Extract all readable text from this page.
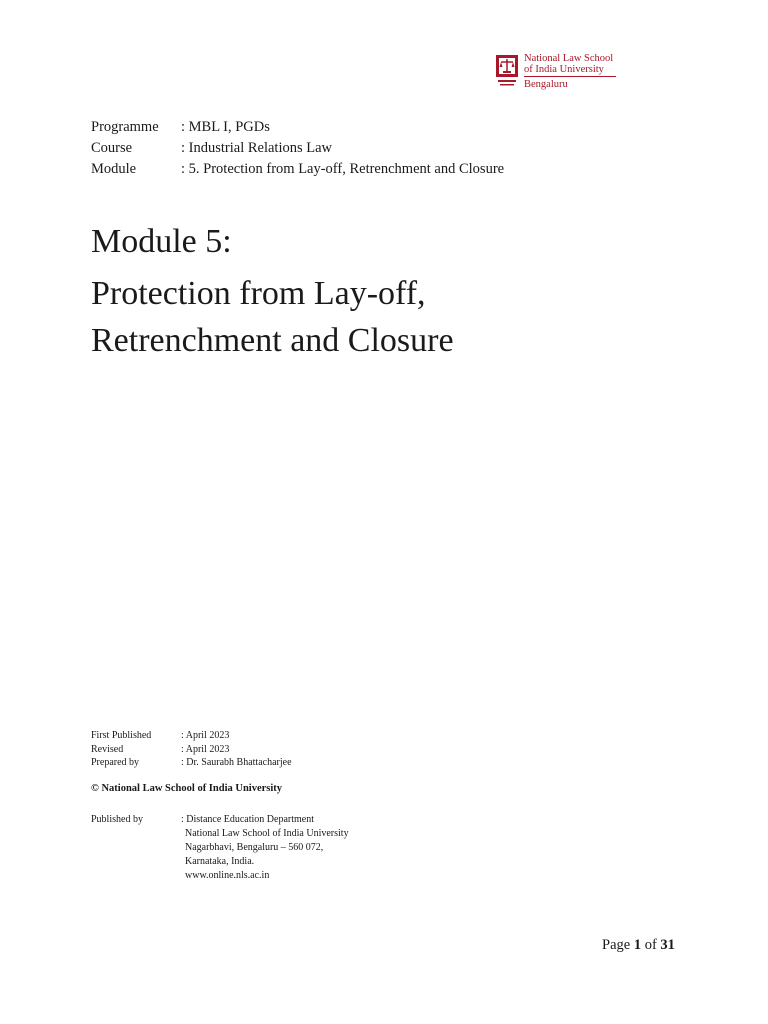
National Law School
of India University
Bengaluru
Programme	: MBL I, PGDs
Course	: Industrial Relations Law
Module	: 5. Protection from Lay-off, Retrenchment and Closure
Module 5:
Protection from Lay-off,
Retrenchment and Closure
First Published	: April 2023
Revised	: April 2023
Prepared by	: Dr. Saurabh Bhattacharjee
© National Law School of India University
Published by	: Distance Education Department
National Law School of India University
Nagarbhavi, Bengaluru – 560 072,
Karnataka, India.
www.online.nls.ac.in
Page 1 of 31
